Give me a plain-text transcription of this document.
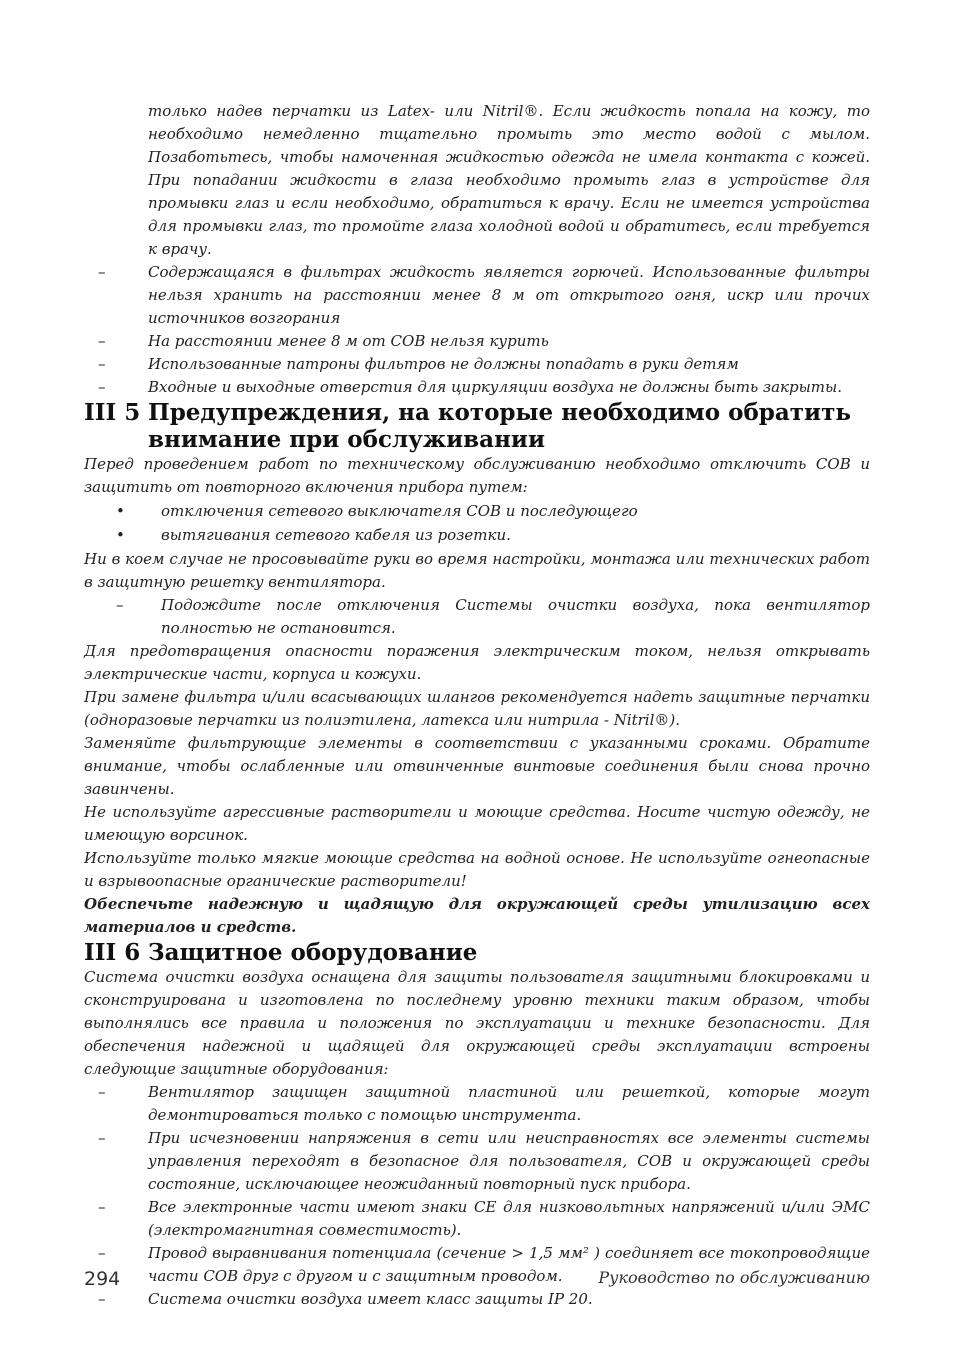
только надев перчатки из Latex- или Nitril®. Если жидкость попала на кожу, то необходимо немедленно тщательно промыть это место водой с мылом. Позаботьтесь, чтобы намоченная жидкостью одежда не имела контакта с кожей. При попадании жидкости в глаза необходимо промыть глаз в устройстве для промывки глаз и если необходимо, обратиться к врачу. Если не имеется устройства для промывки глаз, то промойте глаза холодной водой и обратитесь, если требуется к врачу.

–	Содержащаяся в фильтрах жидкость является горючей. Использованные фильтры нельзя хранить на расстоянии менее 8 м от открытого огня, искр или прочих источников возгорания
–	На расстоянии менее 8 м от СОВ нельзя курить
–	Использованные патроны фильтров не должны попадать в руки детям
–	Входные и выходные отверстия для циркуляции воздуха не должны быть закрыты.
III 5 Предупреждения, на которые необходимо обратить внимание при обслуживании

Перед проведением работ по техническому обслуживанию необходимо отключить СОВ и защитить от повторного включения прибора путем:

• отключения сетевого выключателя СОВ и последующего
• вытягивания сетевого кабеля из розетки.

Ни в коем случае не просовывайте руки во время настройки, монтажа или технических работ в защитную решетку вентилятора.

–	Подождите после отключения Системы очистки воздуха, пока вентилятор полностью не остановится.

Для предотвращения опасности поражения электрическим током, нельзя открывать электрические части, корпуса и кожухи.

При замене фильтра и/или всасывающих шлангов рекомендуется надеть защитные перчатки (одноразовые перчатки из полиэтилена, латекса или нитрила - Nitril®).

Заменяйте фильтрующие элементы в соответствии с указанными сроками. Обратите внимание, чтобы ослабленные или отвинченные винтовые соединения были снова прочно завинчены.

Не используйте агрессивные растворители и моющие средства. Носите чистую одежду, не имеющую ворсинок.

Используйте только мягкие моющие средства на водной основе. Не используйте огнеопасные и взрывоопасные органические растворители!

Обеспечьте надежную и щадящую для окружающей среды утилизацию всех материалов и средств.

III 6 Защитное оборудование

Система очистки воздуха оснащена для защиты пользователя защитными блокировками и сконструирована и изготовлена по последнему уровню техники таким образом, чтобы выполнялись все правила и положения по эксплуатации и технике безопасности. Для обеспечения надежной и щадящей для окружающей среды эксплуатации встроены следующие защитные оборудования:

–	Вентилятор защищен защитной пластиной или решеткой, которые могут демонтироваться только с помощью инструмента.
–	При исчезновении напряжения в сети или неисправностях все элементы системы управления переходят в безопасное для пользователя, СОВ и окружающей среды состояние, исключающее неожиданный повторный пуск прибора.
–	Все электронные части имеют знаки СЕ для низковольтных напряжений и/или ЭМС (электромагнитная совместимость).
–	Провод выравнивания потенциала (сечение > 1,5 мм² ) соединяет все токопроводящие части СОВ друг с другом и с защитным проводом.
–	Система очистки воздуха имеет класс защиты IP 20.
294	Руководство по обслуживанию
